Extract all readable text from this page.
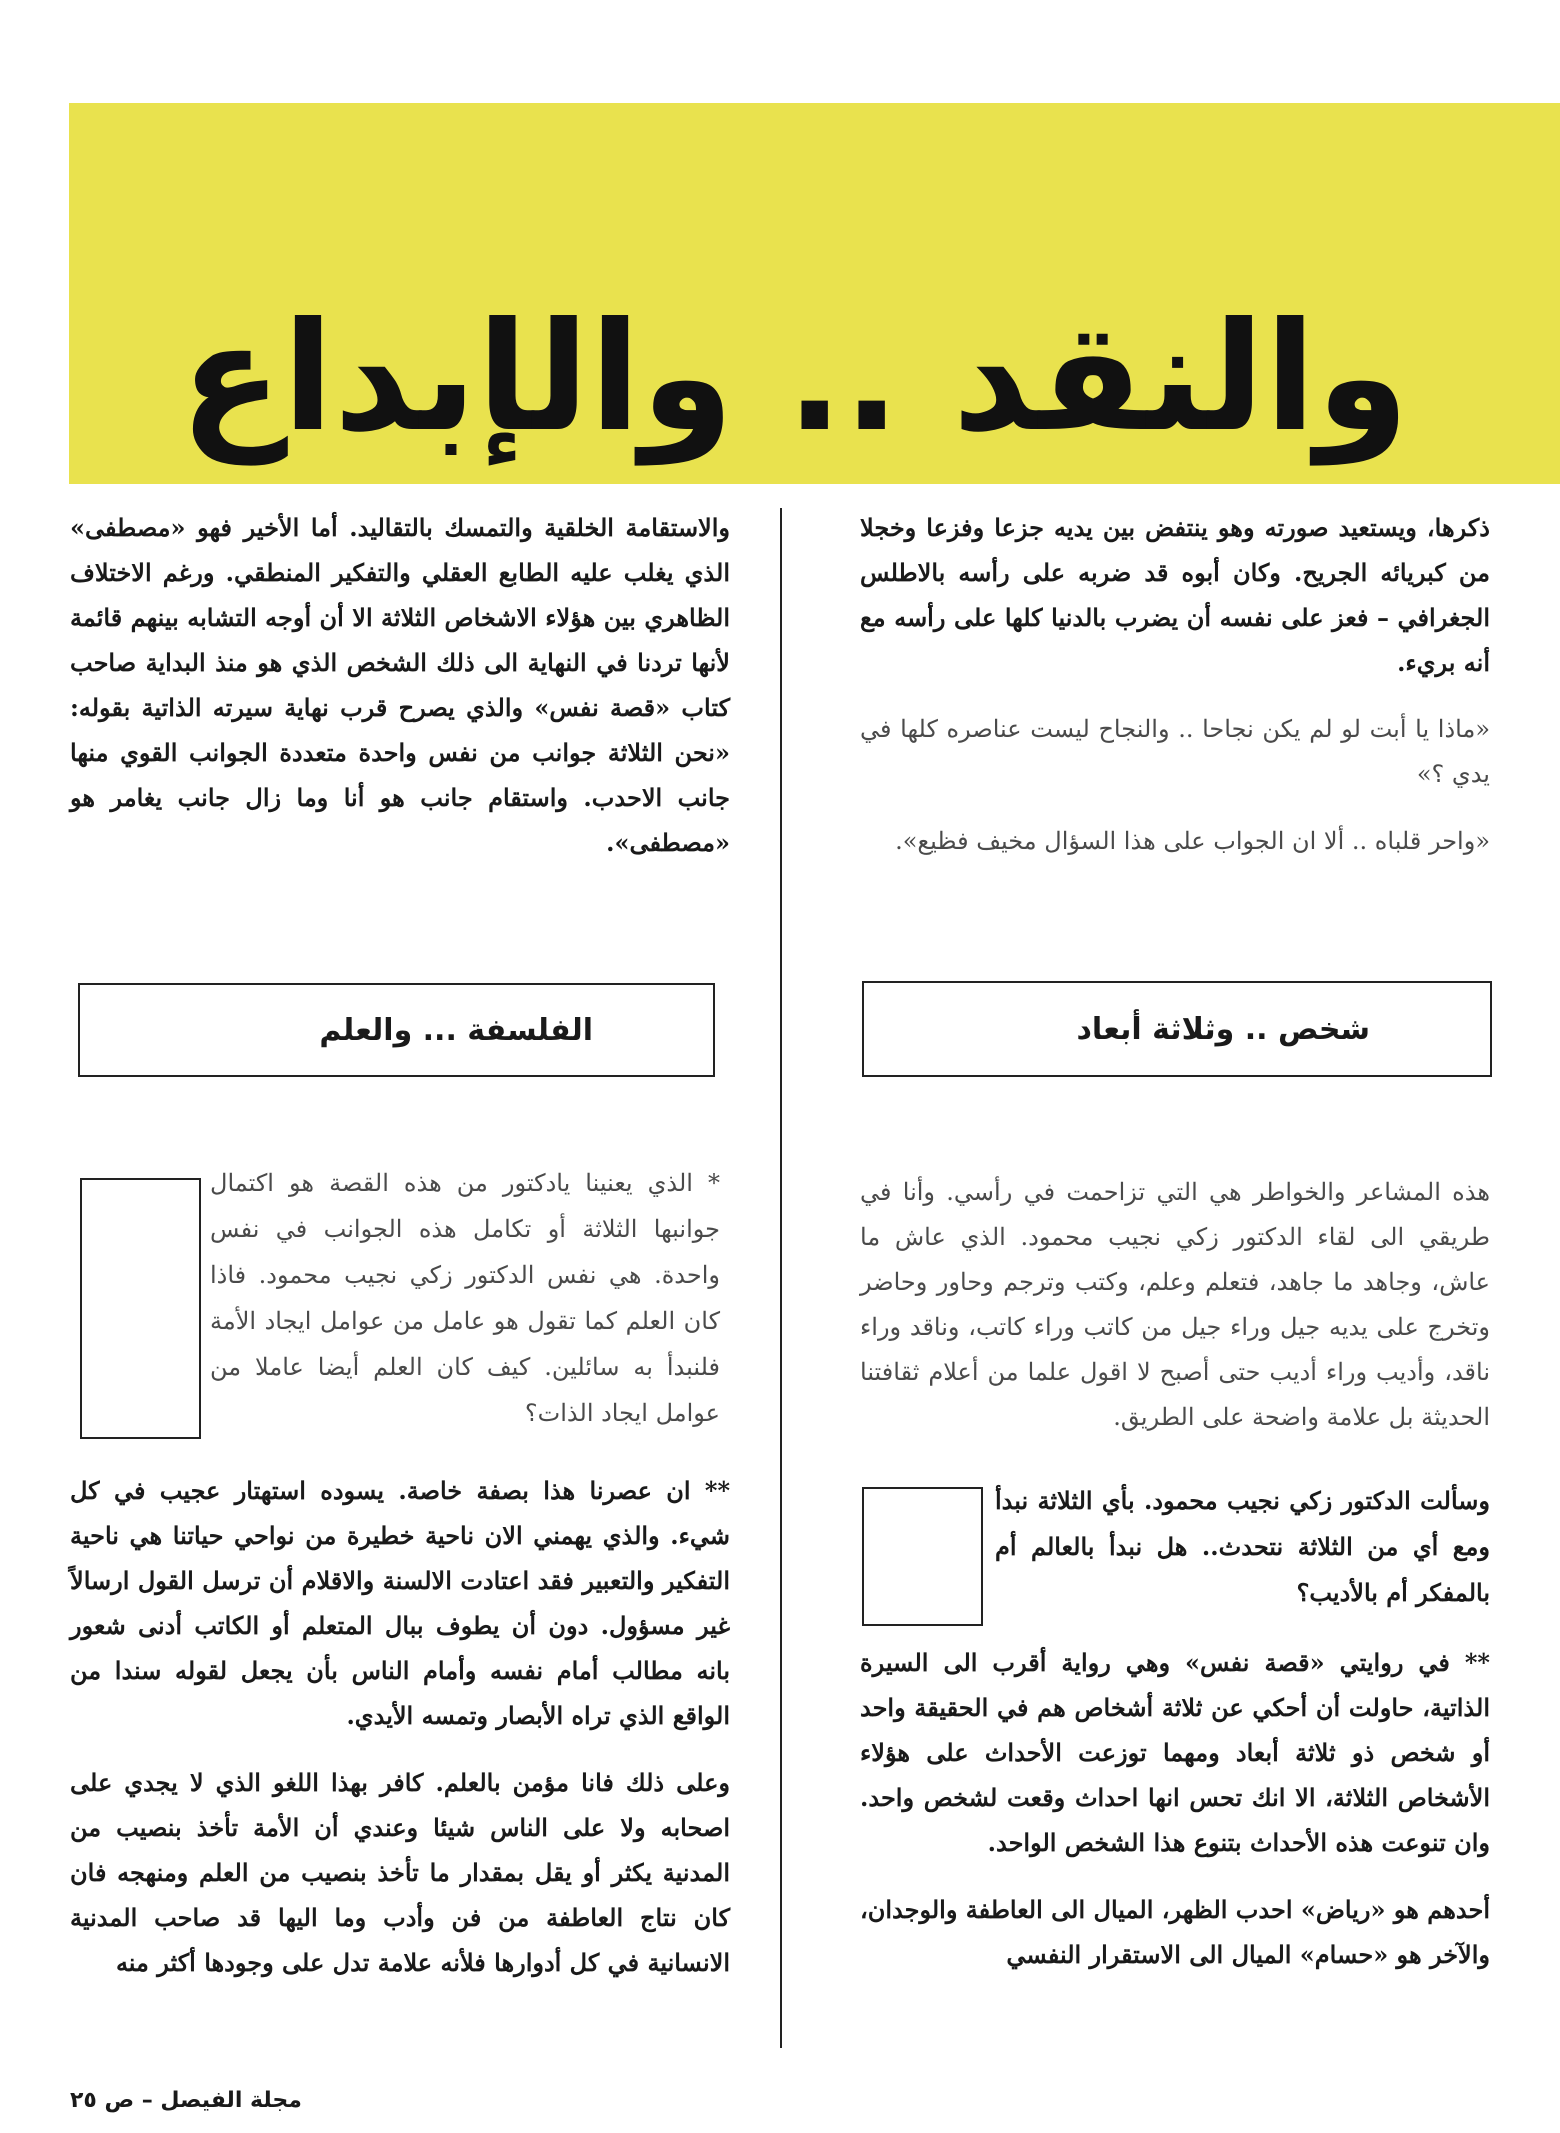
والنقد .. والإبداع

ذكرها، ويستعيد صورته وهو ينتفض بين يديه جزعا وفزعا وخجلا من كبريائه الجريح. وكان أبوه قد ضربه على رأسه بالاطلس الجغرافي – فعز على نفسه أن يضرب بالدنيا كلها على رأسه مع أنه بريء.

«ماذا يا أبت لو لم يكن نجاحا .. والنجاح ليست عناصره كلها في يدي ؟»

«واحر قلباه .. ألا ان الجواب على هذا السؤال مخيف فظيع».

شخص .. وثلاثة أبعاد

هذه المشاعر والخواطر هي التي تزاحمت في رأسي. وأنا في طريقي الى لقاء الدكتور زكي نجيب محمود. الذي عاش ما عاش، وجاهد ما جاهد، فتعلم وعلم، وكتب وترجم وحاور وحاضر وتخرج على يديه جيل وراء جيل من كاتب وراء كاتب، وناقد وراء ناقد، وأديب وراء أديب حتى أصبح لا اقول علما من أعلام ثقافتنا الحديثة بل علامة واضحة على الطريق.

وسألت الدكتور زكي نجيب محمود. بأي الثلاثة نبدأ ومع أي من الثلاثة نتحدث.. هل نبدأ بالعالم أم بالمفكر أم بالأديب؟

** في روايتي «قصة نفس» وهي رواية أقرب الى السيرة الذاتية، حاولت أن أحكي عن ثلاثة أشخاص هم في الحقيقة واحد أو شخص ذو ثلاثة أبعاد ومهما توزعت الأحداث على هؤلاء الأشخاص الثلاثة، الا انك تحس انها احداث وقعت لشخص واحد. وان تنوعت هذه الأحداث بتنوع هذا الشخص الواحد.

أحدهم هو «رياض» احدب الظهر، الميال الى العاطفة والوجدان، والآخر هو «حسام» الميال الى الاستقرار النفسي

والاستقامة الخلقية والتمسك بالتقاليد. أما الأخير فهو «مصطفى» الذي يغلب عليه الطابع العقلي والتفكير المنطقي. ورغم الاختلاف الظاهري بين هؤلاء الاشخاص الثلاثة الا أن أوجه التشابه بينهم قائمة لأنها تردنا في النهاية الى ذلك الشخص الذي هو منذ البداية صاحب كتاب «قصة نفس» والذي يصرح قرب نهاية سيرته الذاتية بقوله: «نحن الثلاثة جوانب من نفس واحدة متعددة الجوانب القوي منها جانب الاحدب. واستقام جانب هو أنا وما زال جانب يغامر هو «مصطفى».

الفلسفة ... والعلم
* الذي يعنينا يادكتور من هذه القصة هو اكتمال جوانبها الثلاثة أو تكامل هذه الجوانب في نفس واحدة. هي نفس الدكتور زكي نجيب محمود. فاذا كان العلم كما تقول هو عامل من عوامل ايجاد الأمة فلنبدأ به سائلين. كيف كان العلم أيضا عاملا من عوامل ايجاد الذات؟

** ان عصرنا هذا بصفة خاصة. يسوده استهتار عجيب في كل شيء. والذي يهمني الان ناحية خطيرة من نواحي حياتنا هي ناحية التفكير والتعبير فقد اعتادت الالسنة والاقلام أن ترسل القول ارسالاً غير مسؤول. دون أن يطوف ببال المتعلم أو الكاتب أدنى شعور بانه مطالب أمام نفسه وأمام الناس بأن يجعل لقوله سندا من الواقع الذي تراه الأبصار وتمسه الأيدي.

وعلى ذلك فانا مؤمن بالعلم. كافر بهذا اللغو الذي لا يجدي على اصحابه ولا على الناس شيئا وعندي أن الأمة تأخذ بنصيب من المدنية يكثر أو يقل بمقدار ما تأخذ بنصيب من العلم ومنهجه فان كان نتاج العاطفة من فن وأدب وما اليها قد صاحب المدنية الانسانية في كل أدوارها فلأنه علامة تدل على وجودها أكثر منه

مجلة الفيصل – ص ٢٥
